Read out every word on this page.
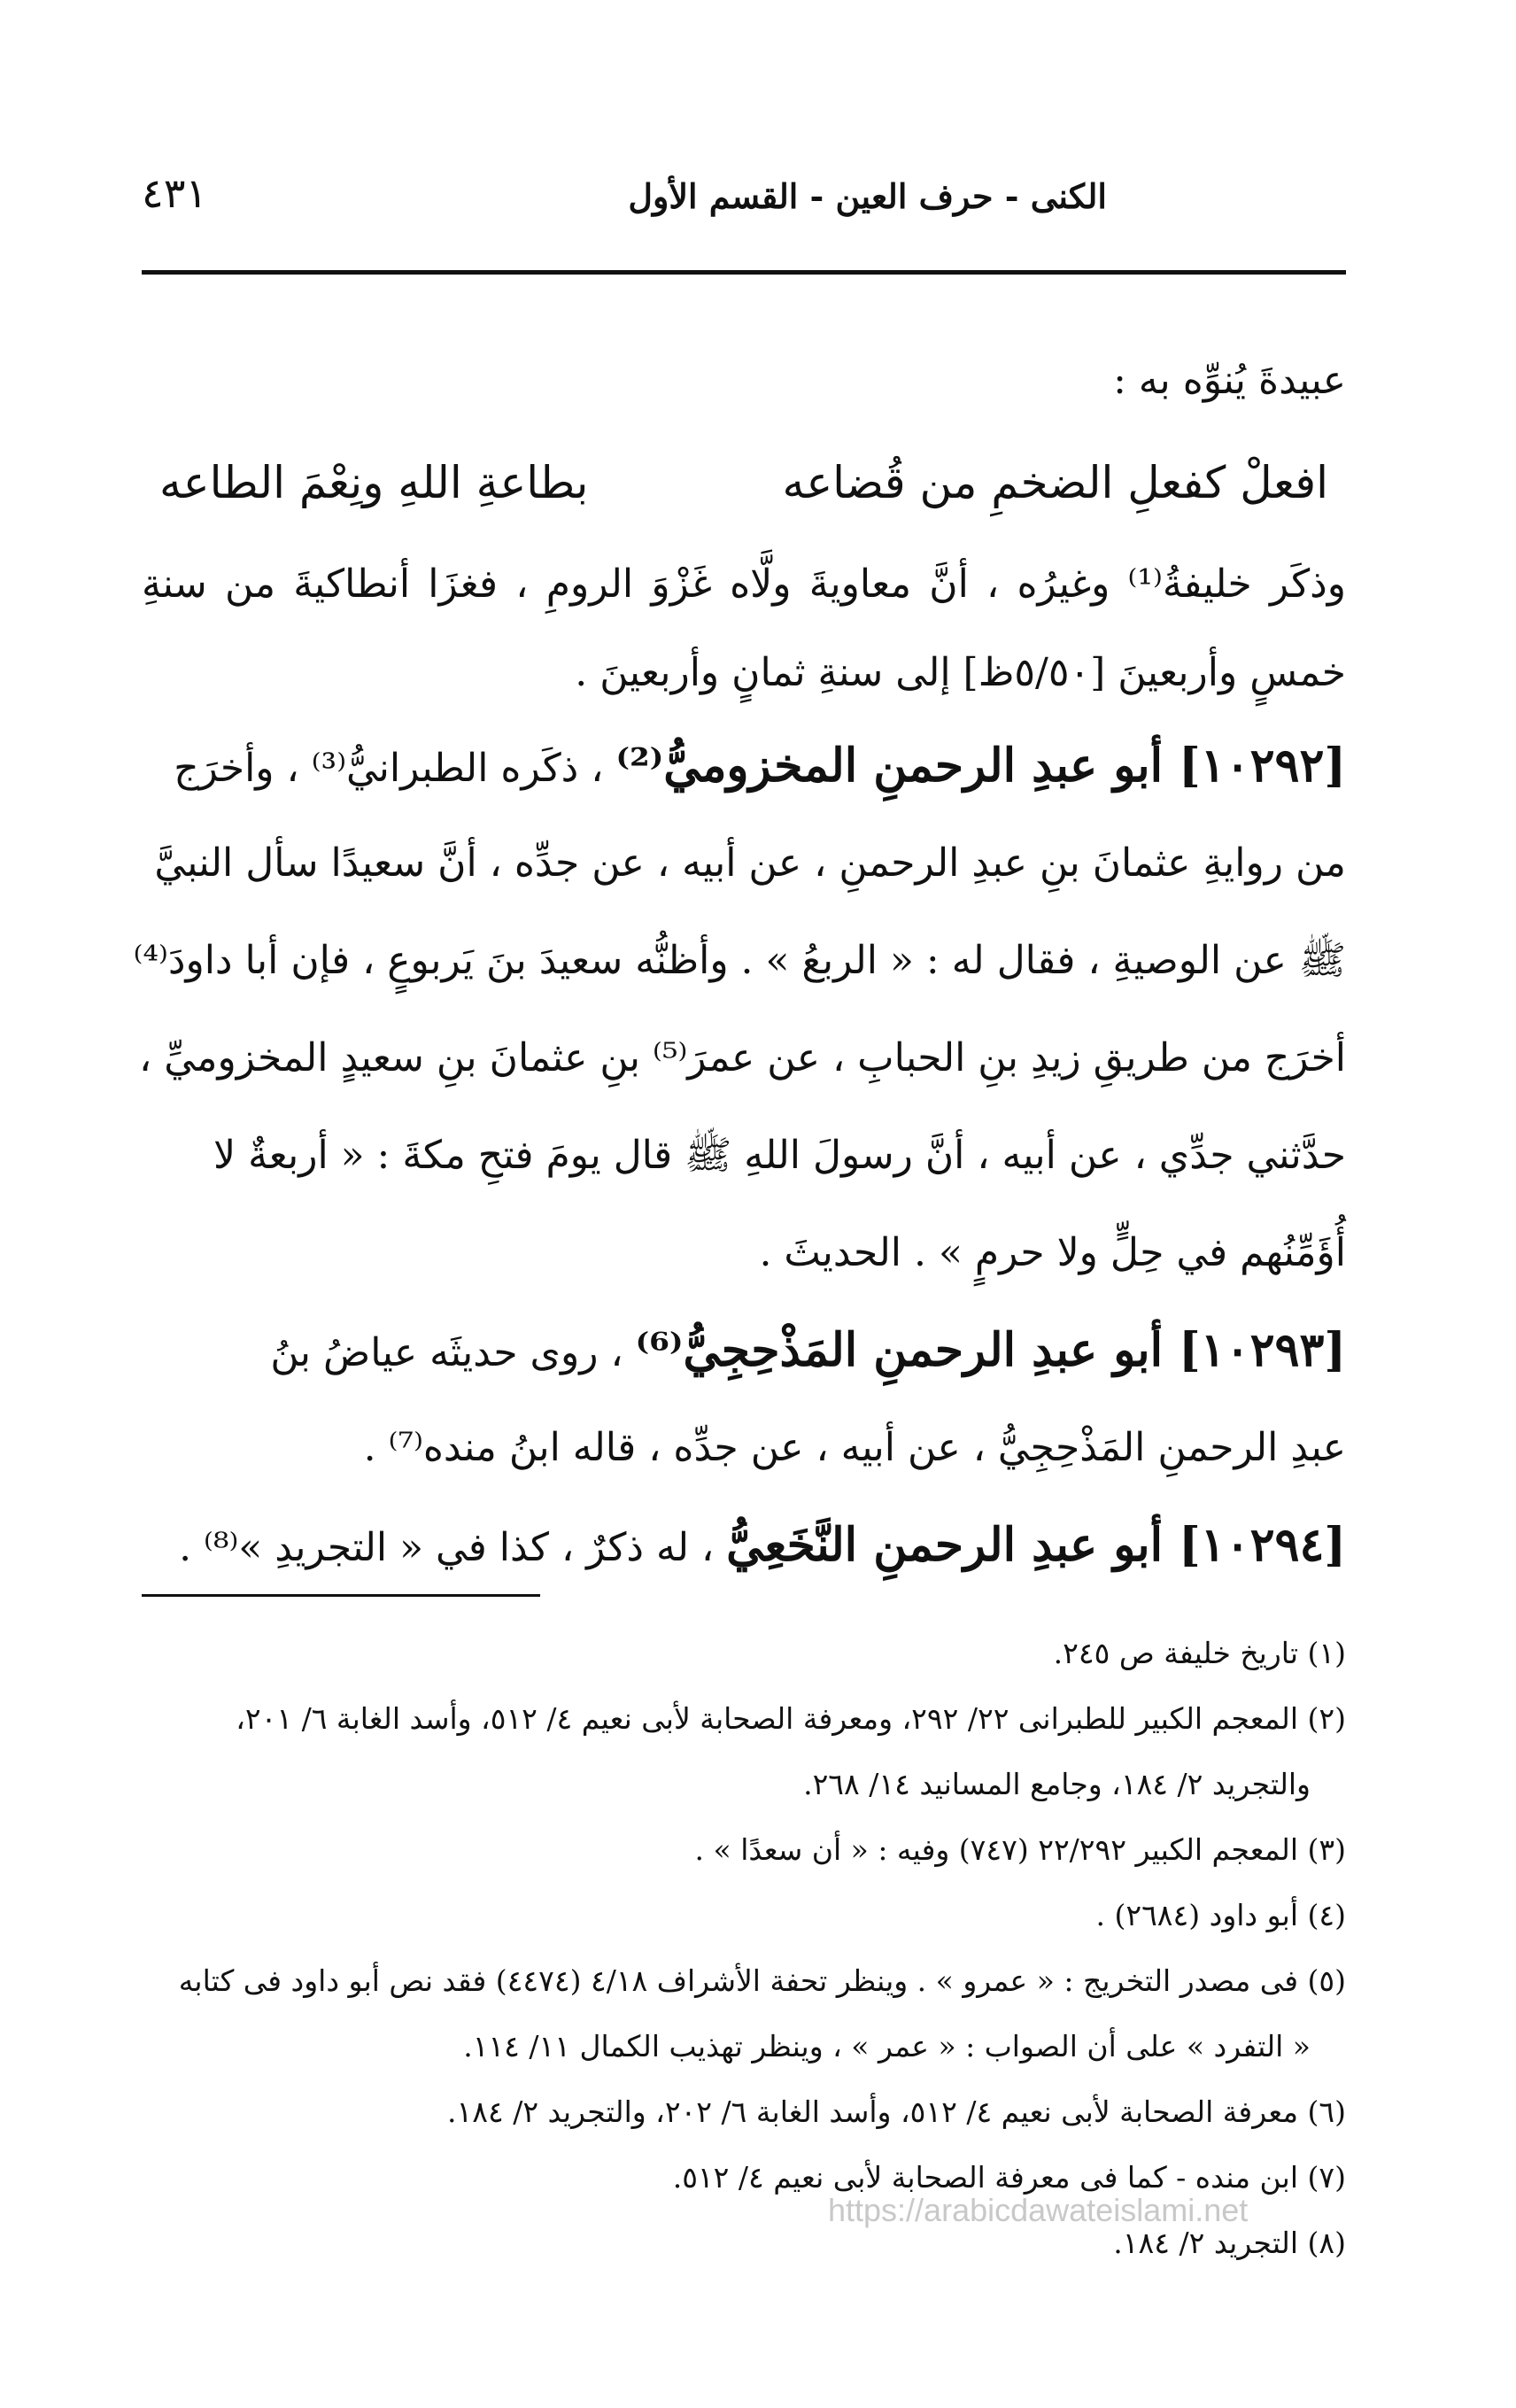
الكنى - حرف العين - القسم الأول
٤٣١
عبيدةَ يُنوِّه به :
افعلْ كفعلِ الضخمِ من قُضاعه
بطاعةِ اللهِ ونِعْمَ الطاعه
وذكَر خليفةُ⁽¹⁾ وغيرُه ، أنَّ معاويةَ ولَّاه غَزْوَ الرومِ ، فغزَا أنطاكيةَ من سنةِ
خمسٍ وأربعينَ [٥/٥٠ظ] إلى سنةِ ثمانٍ وأربعينَ .
[١٠٢٩٢] أبو عبدِ الرحمنِ المخزوميُّ⁽²⁾ ، ذكَره الطبرانيُّ⁽³⁾ ، وأخرَج
من روايةِ عثمانَ بنِ عبدِ الرحمنِ ، عن أبيه ، عن جدِّه ، أنَّ سعيدًا سأل النبيَّ
ﷺ عن الوصيةِ ، فقال له : « الربعُ » . وأظنُّه سعيدَ بنَ يَربوعٍ ، فإن أبا داودَ⁽⁴⁾
أخرَج من طريقِ زيدِ بنِ الحبابِ ، عن عمرَ⁽⁵⁾ بنِ عثمانَ بنِ سعيدٍ المخزوميِّ ،
حدَّثني جدِّي ، عن أبيه ، أنَّ رسولَ اللهِ ﷺ قال يومَ فتحِ مكةَ : « أربعةٌ لا
أُؤَمِّنُهم في حِلٍّ ولا حرمٍ » . الحديثَ .
[١٠٢٩٣] أبو عبدِ الرحمنِ المَذْحِجِيُّ⁽⁶⁾ ، روى حديثَه عياضُ بنُ
عبدِ الرحمنِ المَذْحِجِيُّ ، عن أبيه ، عن جدِّه ، قاله ابنُ منده⁽⁷⁾ .
[١٠٢٩٤] أبو عبدِ الرحمنِ النَّخَعِيُّ ، له ذكرٌ ، كذا في « التجريدِ »⁽⁸⁾ .
(١) تاريخ خليفة ص ٢٤٥.
(٢) المعجم الكبير للطبرانى ٢٢/ ٢٩٢، ومعرفة الصحابة لأبى نعيم ٤/ ٥١٢، وأسد الغابة ٦/ ٢٠١،
والتجريد ٢/ ١٨٤، وجامع المسانيد ١٤/ ٢٦٨.
(٣) المعجم الكبير ٢٢/٢٩٢ (٧٤٧) وفيه : « أن سعدًا » .
(٤) أبو داود (٢٦٨٤) .
(٥) فى مصدر التخريج : « عمرو » . وينظر تحفة الأشراف ٤/١٨ (٤٤٧٤) فقد نص أبو داود فى كتابه
« التفرد » على أن الصواب : « عمر » ، وينظر تهذيب الكمال ١١/ ١١٤.
(٦) معرفة الصحابة لأبى نعيم ٤/ ٥١٢، وأسد الغابة ٦/ ٢٠٢، والتجريد ٢/ ١٨٤.
(٧) ابن منده - كما فى معرفة الصحابة لأبى نعيم ٤/ ٥١٢.
(٨) التجريد ٢/ ١٨٤.
https://arabicdawateislami.net
